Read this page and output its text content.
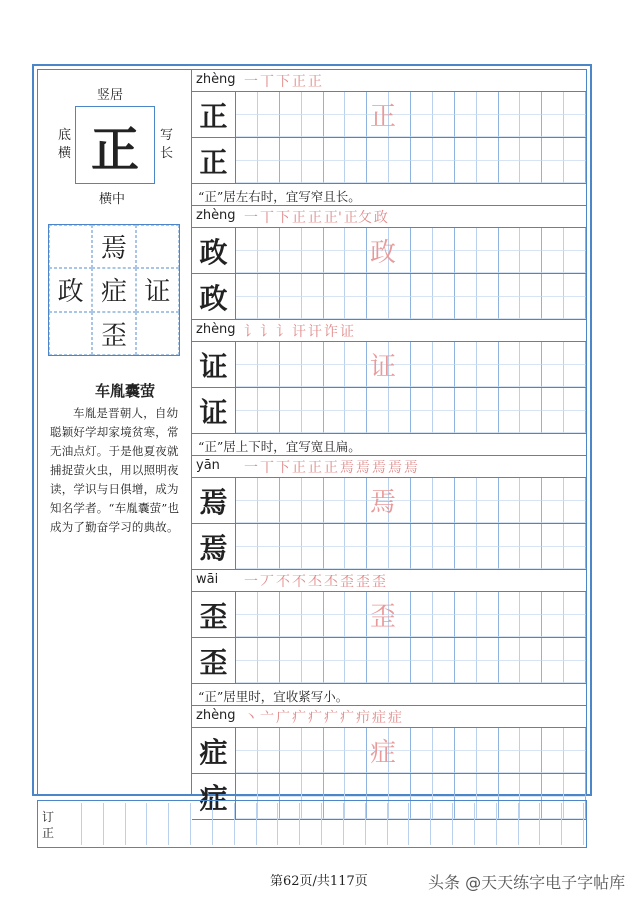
竖居
横中
底横
写长
正
焉
政 症 证
歪
车胤囊萤
车胤是晋朝人，自幼聪颖好学却家境贫寒，常无油点灯。于是他夏夜就捕捉萤火虫，用以照明夜读，学识与日俱增，成为知名学者。“车胤囊萤”也成为了勤奋学习的典故。
zhèng 一 丅 下 正 正
正	正
正
“正”居左右时，宜写窄且长。
zhèng 一 丅 下 正 正 正' 正⺙ 政
政	政
政
zhèng 讠 讠 讠 讦 讦 诈 证
证	证
证
“正”居上下时，宜写宽且扁。
yān 一 丅 下 正 正 正 焉 焉 焉 焉 焉
焉	焉
焉
wāi 一 丆 不 不 丕 丕 歪 歪 歪
歪	歪
歪
“正”居里时，宜收紧写小。
zhèng 丶 亠 广 疒 疒 疒 疒 疖 症 症
症	症
症
订正
第62页/共117页	头条 @天天练字电子字帖库
